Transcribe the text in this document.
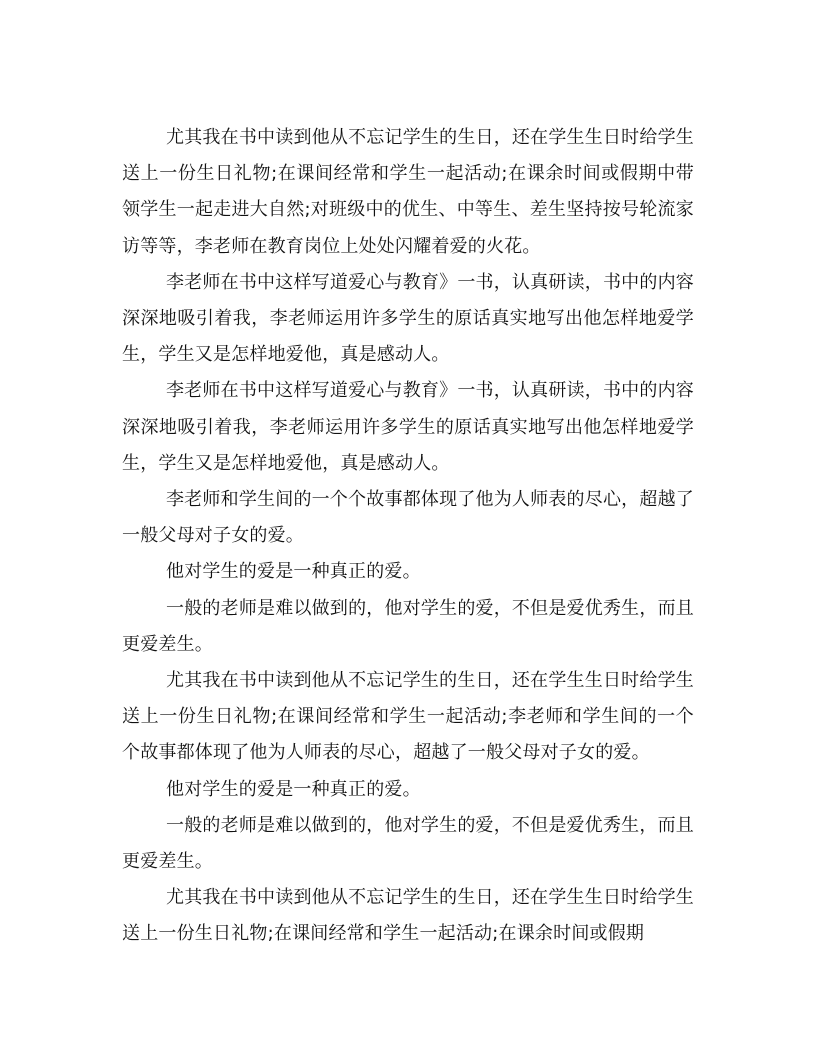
尤其我在书中读到他从不忘记学生的生日，还在学生生日时给学生送上一份生日礼物;在课间经常和学生一起活动;在课余时间或假期中带领学生一起走进大自然;对班级中的优生、中等生、差生坚持按号轮流家访等等，李老师在教育岗位上处处闪耀着爱的火花。

李老师在书中这样写道爱心与教育》一书，认真研读，书中的内容深深地吸引着我，李老师运用许多学生的原话真实地写出他怎样地爱学生，学生又是怎样地爱他，真是感动人。

李老师在书中这样写道爱心与教育》一书，认真研读，书中的内容深深地吸引着我，李老师运用许多学生的原话真实地写出他怎样地爱学生，学生又是怎样地爱他，真是感动人。

李老师和学生间的一个个故事都体现了他为人师表的尽心，超越了一般父母对子女的爱。

他对学生的爱是一种真正的爱。

一般的老师是难以做到的，他对学生的爱，不但是爱优秀生，而且更爱差生。

尤其我在书中读到他从不忘记学生的生日，还在学生生日时给学生送上一份生日礼物;在课间经常和学生一起活动;李老师和学生间的一个个故事都体现了他为人师表的尽心，超越了一般父母对子女的爱。

他对学生的爱是一种真正的爱。

一般的老师是难以做到的，他对学生的爱，不但是爱优秀生，而且更爱差生。

尤其我在书中读到他从不忘记学生的生日，还在学生生日时给学生送上一份生日礼物;在课间经常和学生一起活动;在课余时间或假期
